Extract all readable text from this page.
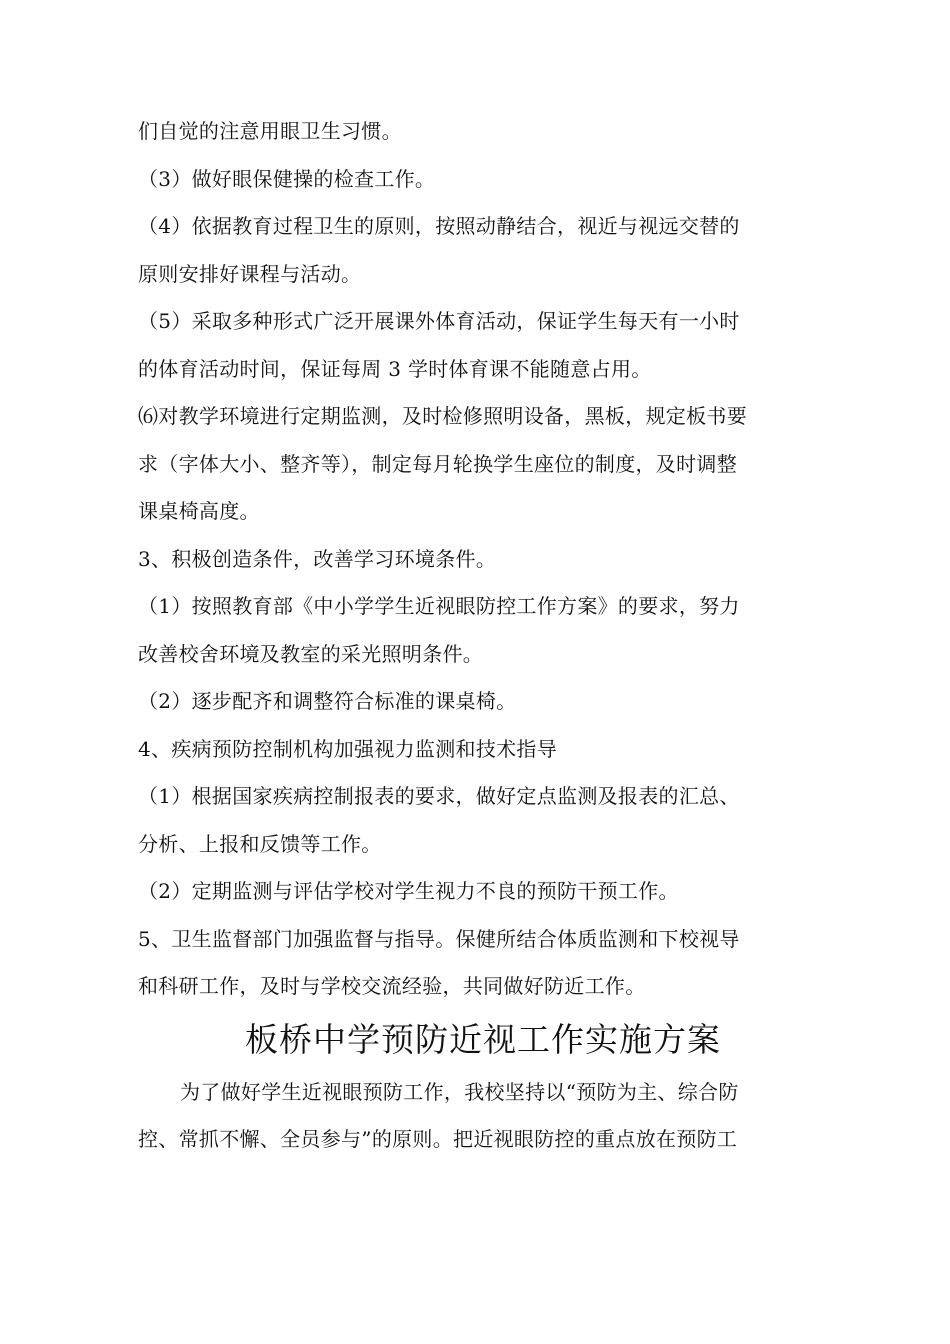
们自觉的注意用眼卫生习惯。
（3）做好眼保健操的检查工作。
（4）依据教育过程卫生的原则，按照动静结合，视近与视远交替的
原则安排好课程与活动。
（5）采取多种形式广泛开展课外体育活动，保证学生每天有一小时
的体育活动时间，保证每周 3 学时体育课不能随意占用。
⑹对教学环境进行定期监测，及时检修照明设备，黑板，规定板书要
求（字体大小、整齐等），制定每月轮换学生座位的制度，及时调整
课桌椅高度。
3、积极创造条件，改善学习环境条件。
（1）按照教育部《中小学学生近视眼防控工作方案》的要求，努力
改善校舍环境及教室的采光照明条件。
（2）逐步配齐和调整符合标准的课桌椅。
4、疾病预防控制机构加强视力监测和技术指导
（1）根据国家疾病控制报表的要求，做好定点监测及报表的汇总、
分析、上报和反馈等工作。
（2）定期监测与评估学校对学生视力不良的预防干预工作。
5、卫生监督部门加强监督与指导。保健所结合体质监测和下校视导
和科研工作，及时与学校交流经验，共同做好防近工作。
板桥中学预防近视工作实施方案
为了做好学生近视眼预防工作，我校坚持以“预防为主、综合防
控、常抓不懈、全员参与”的原则。把近视眼防控的重点放在预防工
